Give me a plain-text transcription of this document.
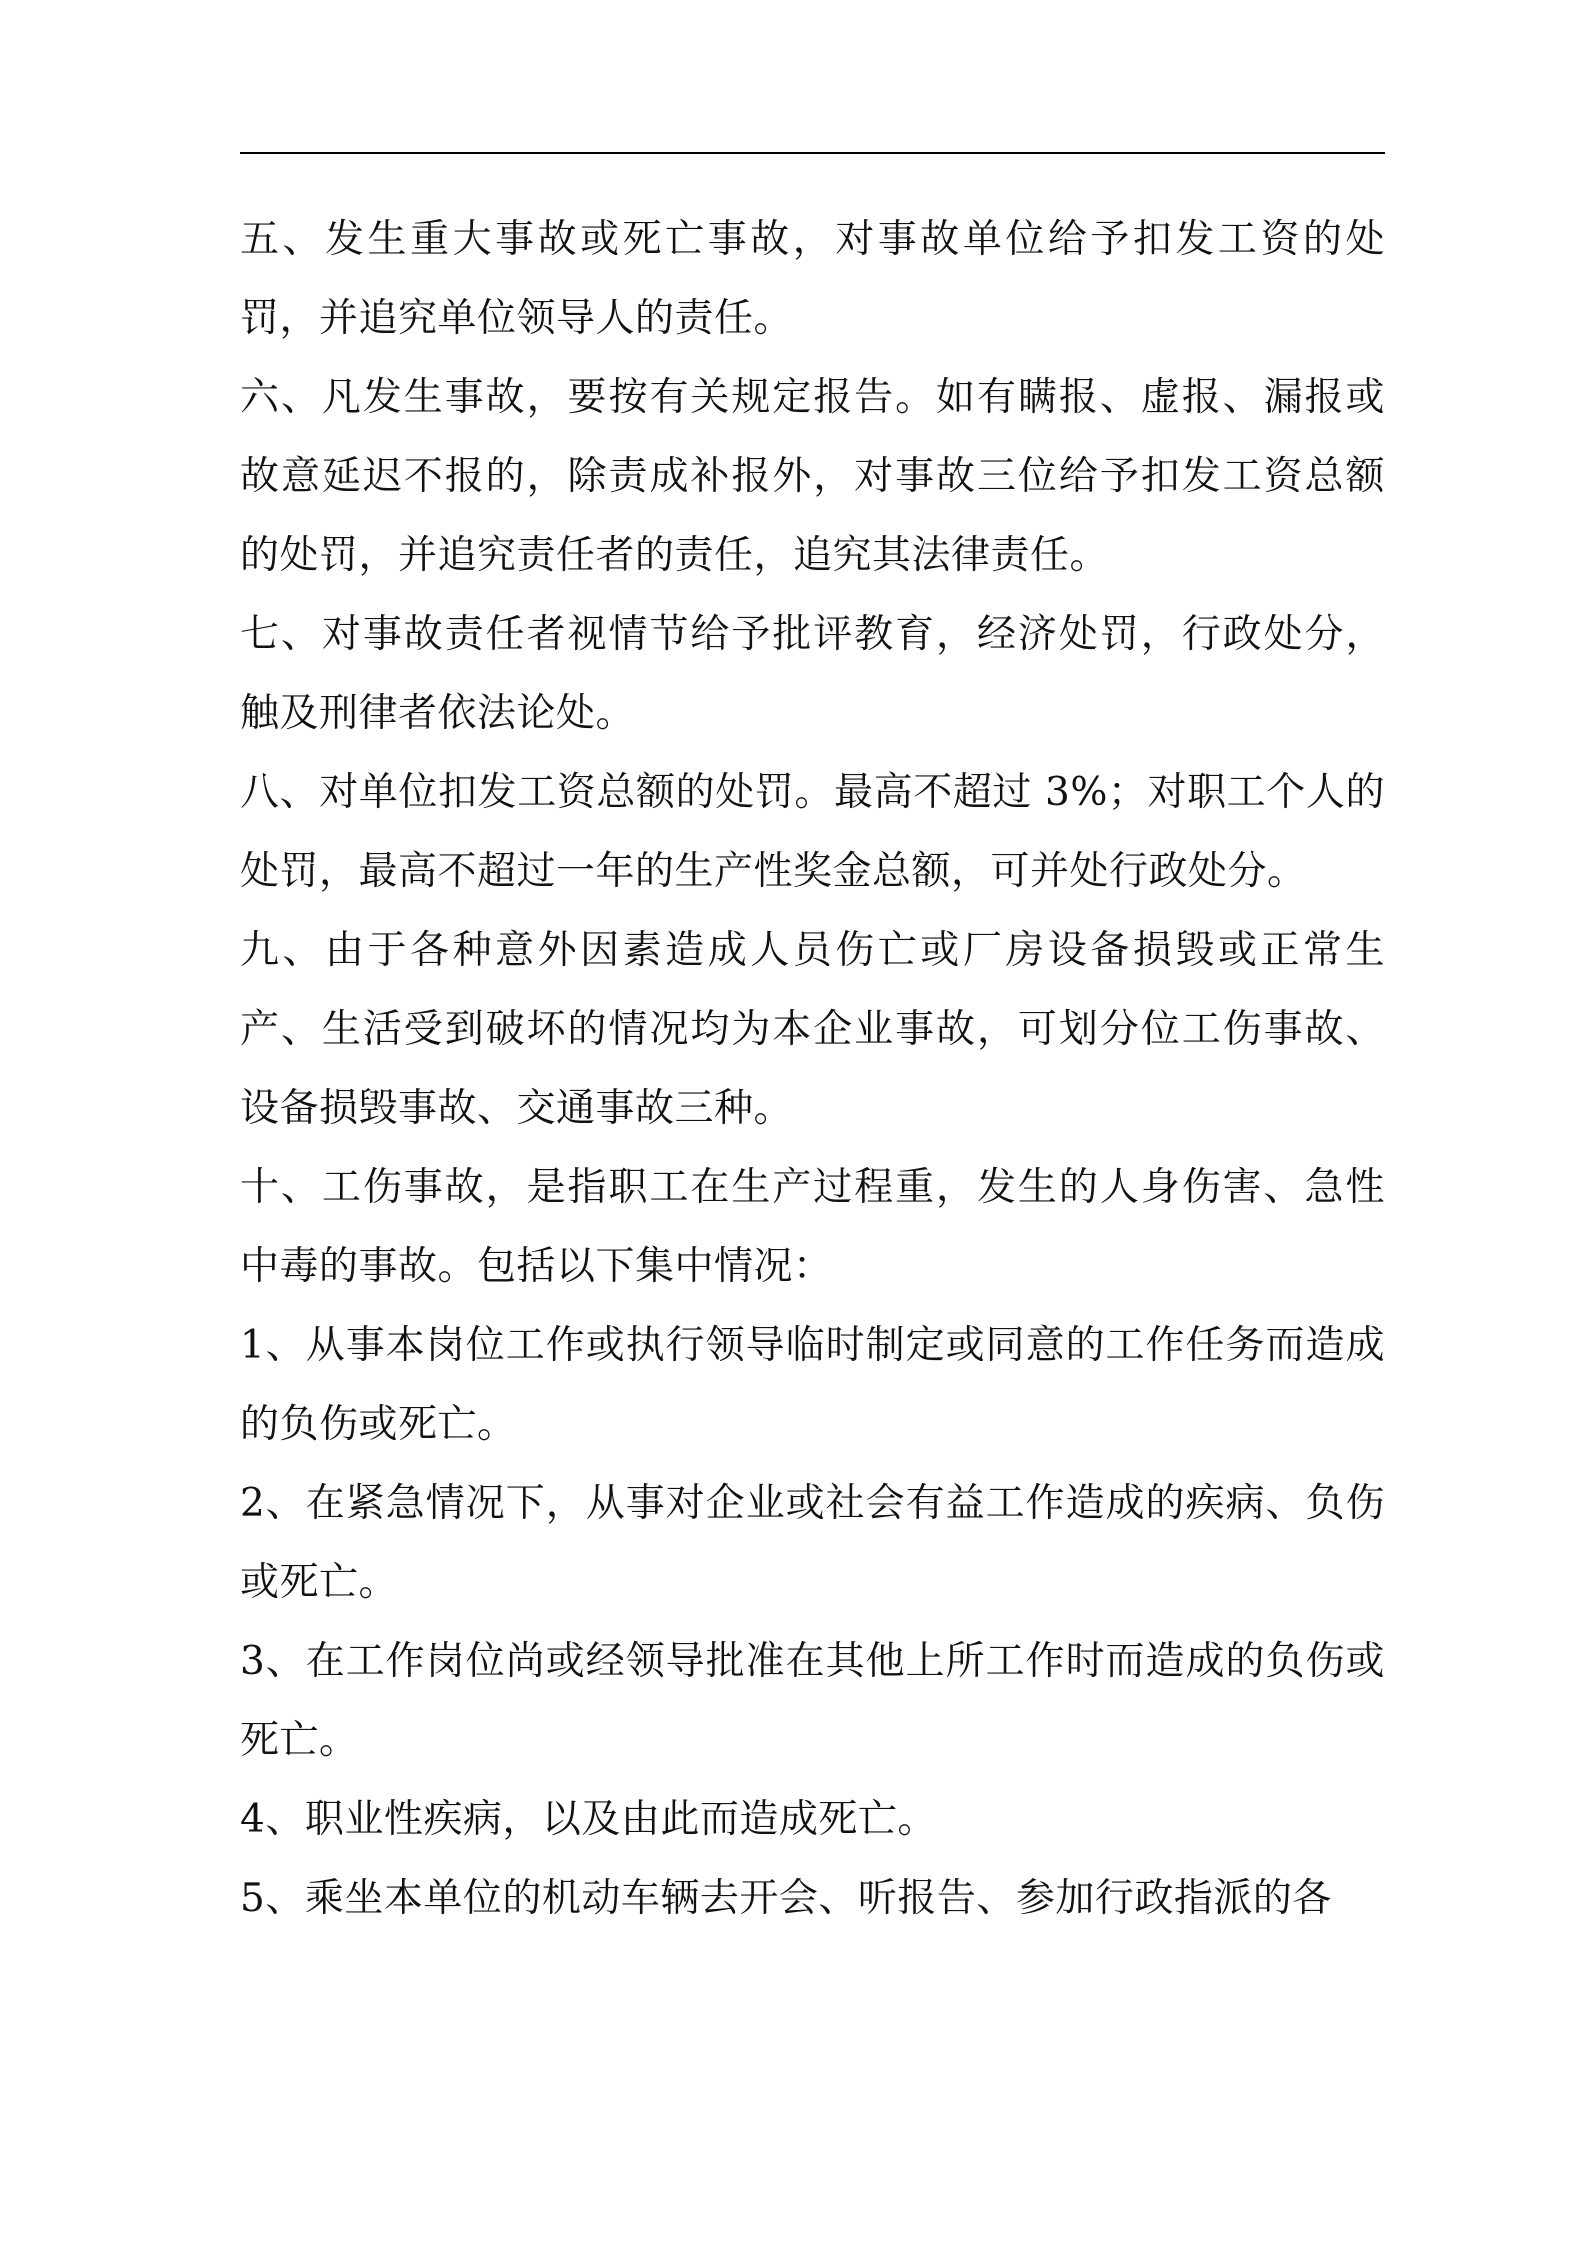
五、发生重大事故或死亡事故，对事故单位给予扣发工资的处罚，并追究单位领导人的责任。

六、凡发生事故，要按有关规定报告。如有瞒报、虚报、漏报或故意延迟不报的，除责成补报外，对事故三位给予扣发工资总额的处罚，并追究责任者的责任，追究其法律责任。

七、对事故责任者视情节给予批评教育，经济处罚，行政处分，触及刑律者依法论处。

八、对单位扣发工资总额的处罚。最高不超过 3%；对职工个人的处罚，最高不超过一年的生产性奖金总额，可并处行政处分。

九、由于各种意外因素造成人员伤亡或厂房设备损毁或正常生产、生活受到破坏的情况均为本企业事故，可划分位工伤事故、设备损毁事故、交通事故三种。

十、工伤事故，是指职工在生产过程重，发生的人身伤害、急性中毒的事故。包括以下集中情况：

1、从事本岗位工作或执行领导临时制定或同意的工作任务而造成的负伤或死亡。

2、在紧急情况下，从事对企业或社会有益工作造成的疾病、负伤或死亡。

3、在工作岗位尚或经领导批准在其他上所工作时而造成的负伤或死亡。

4、职业性疾病，以及由此而造成死亡。

5、乘坐本单位的机动车辆去开会、听报告、参加行政指派的各
